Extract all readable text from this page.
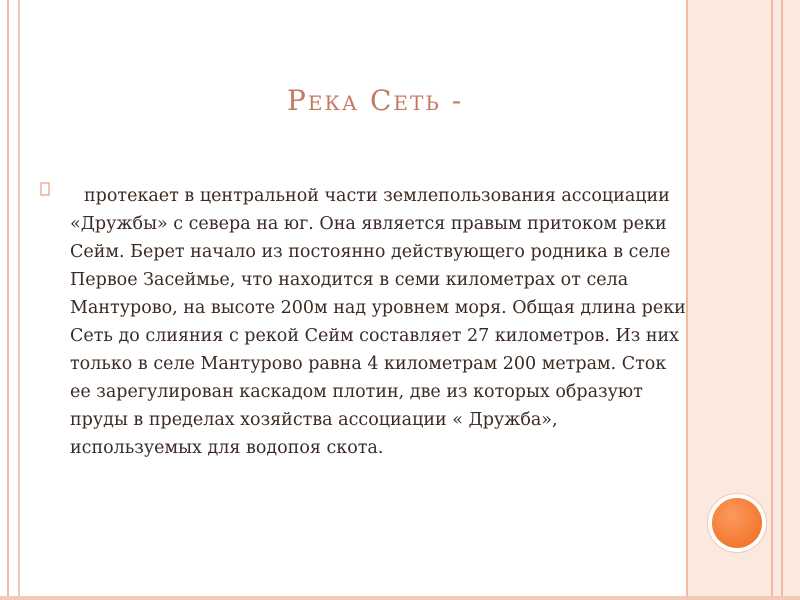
Река Сеть -

протекает в центральной части землепользования ассоциации «Дружбы» с севера на юг. Она является правым притоком реки Сейм. Берет начало из постоянно действующего родника в селе Первое Засеймье, что находится в семи километрах от села Мантурово, на высоте 200м над уровнем моря. Общая длина реки Сеть до слияния с рекой Сейм составляет 27 километров. Из них только в селе Мантурово равна 4 километрам 200 метрам. Сток ее зарегулирован каскадом плотин, две из которых образуют пруды в пределах хозяйства ассоциации « Дружба», используемых для водопоя скота.
